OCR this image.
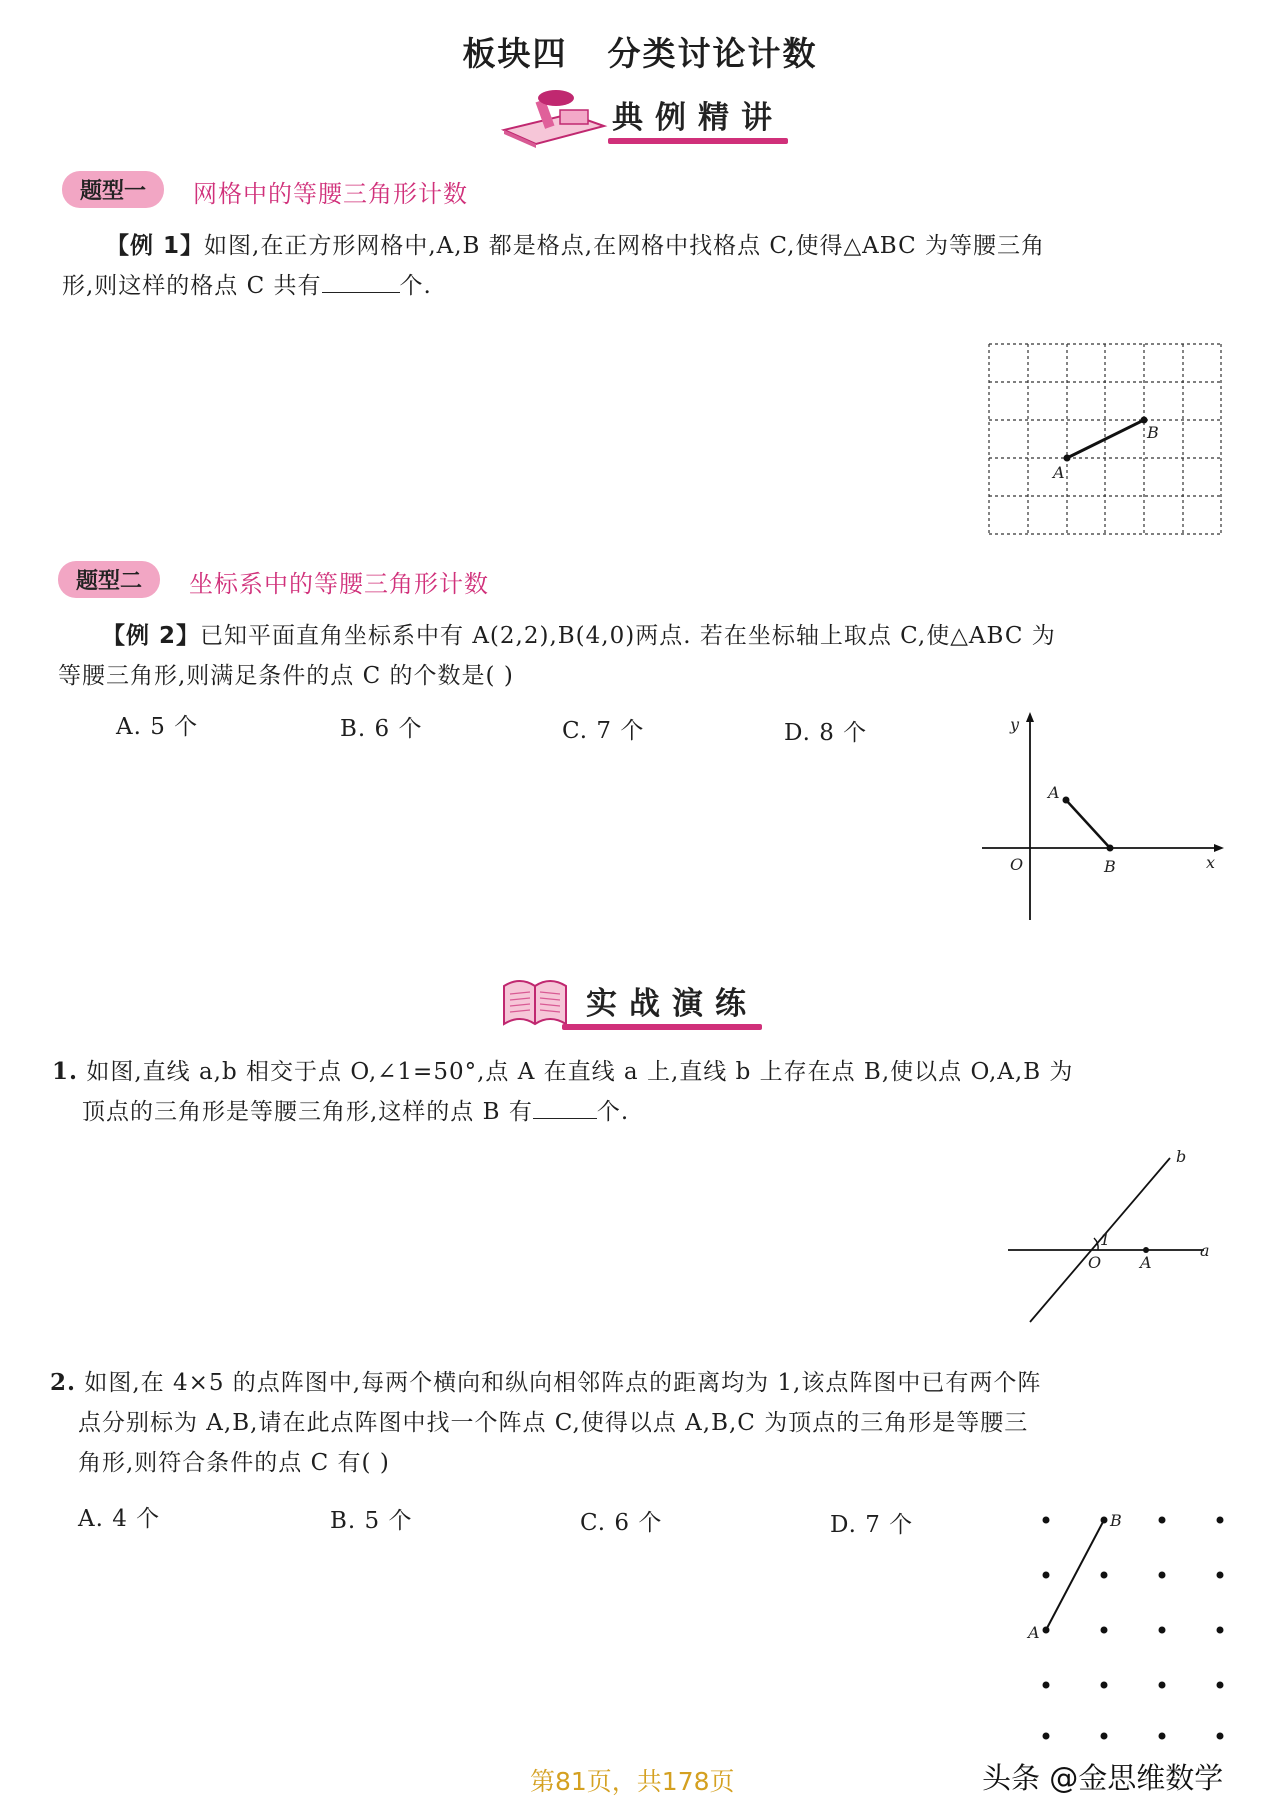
板块四 分类讨论计数
典例精讲
题型一	网格中的等腰三角形计数
【例 1】如图,在正方形网格中,A,B 都是格点,在网格中找格点 C,使得△ABC 为等腰三角
形,则这样的格点 C 共有	个.
A
B
题型二	坐标系中的等腰三角形计数
【例 2】已知平面直角坐标系中有 A(2,2),B(4,0)两点. 若在坐标轴上取点 C,使△ABC 为
等腰三角形,则满足条件的点 C 的个数是( )
A. 5 个	B. 6 个	C. 7 个	D. 8 个	y
x
O
A
B
实战演练
1. 如图,直线 a,b 相交于点 O,∠1=50°,点 A 在直线 a 上,直线 b 上存在点 B,使以点 O,A,B 为
顶点的三角形是等腰三角形,这样的点 B 有	个.
b
a
1
O A
2. 如图,在 4×5 的点阵图中,每两个横向和纵向相邻阵点的距离均为 1,该点阵图中已有两个阵
点分别标为 A,B,请在此点阵图中找一个阵点 C,使得以点 A,B,C 为顶点的三角形是等腰三
角形,则符合条件的点 C 有( )
A. 4 个	B. 5 个	C. 6 个	D. 7 个
A
B
第81页，共178页	头条 @金思维数学
